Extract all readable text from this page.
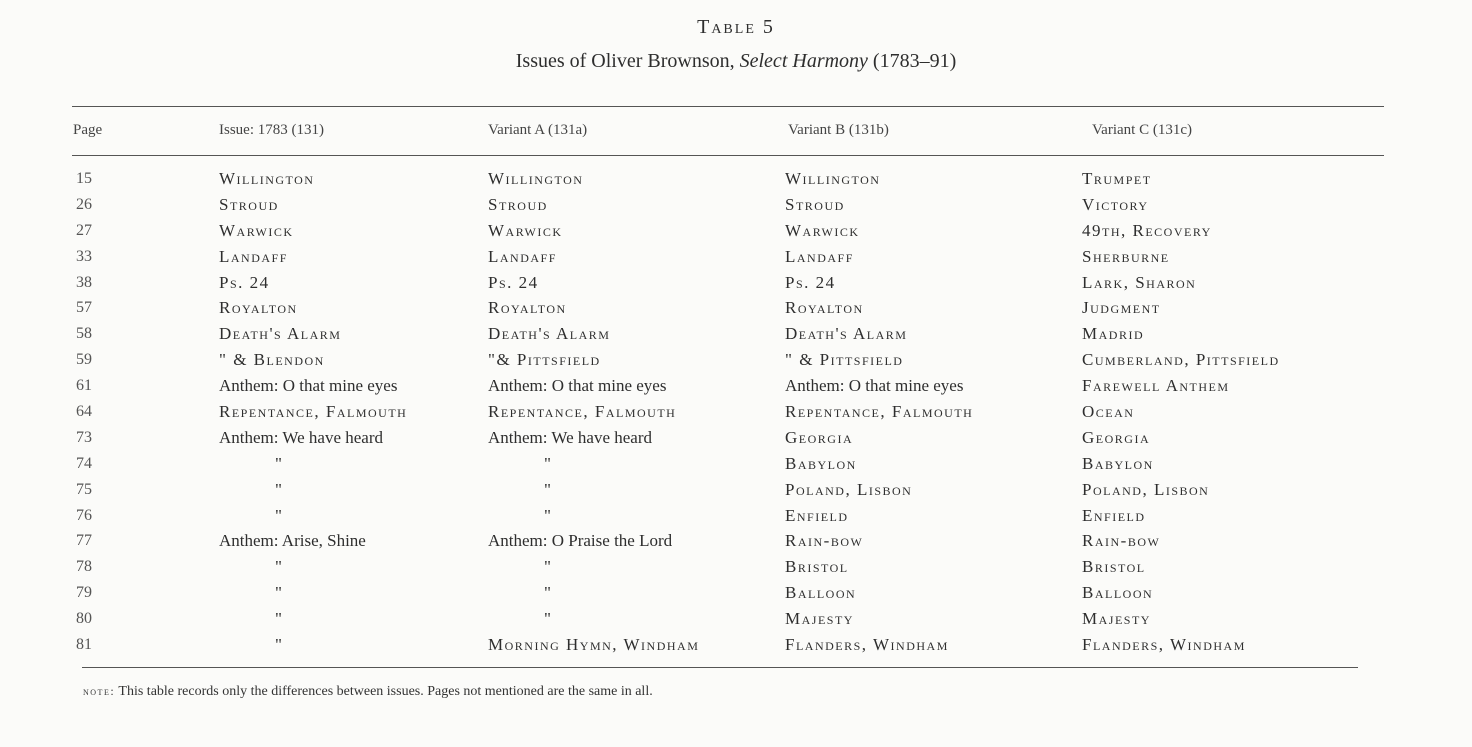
Table 5
Issues of Oliver Brownson, Select Harmony (1783–91)
Page	Issue: 1783 (131)	Variant A (131a)	Variant B (131b)	Variant C (131c)
15	Willington	Willington	Willington	Trumpet
26	Stroud	Stroud	Stroud	Victory
27	Warwick	Warwick	Warwick	49th, Recovery
33	Landaff	Landaff	Landaff	Sherburne
38	Ps. 24	Ps. 24	Ps. 24	Lark, Sharon
57	Royalton	Royalton	Royalton	Judgment
58	Death's Alarm	Death's Alarm	Death's Alarm	Madrid
59	" & Blendon	"& Pittsfield	" & Pittsfield	Cumberland, Pittsfield
61	Anthem: O that mine eyes	Anthem: O that mine eyes	Anthem: O that mine eyes	Farewell Anthem
64	Repentance, Falmouth	Repentance, Falmouth	Repentance, Falmouth	Ocean
73	Anthem: We have heard	Anthem: We have heard	Georgia	Georgia
74	"	"	Babylon	Babylon
75	"	"	Poland, Lisbon	Poland, Lisbon
76	"	"	Enfield	Enfield
77	Anthem: Arise, Shine	Anthem: O Praise the Lord	Rain-bow	Rain-bow
78	"	"	Bristol	Bristol
79	"	"	Balloon	Balloon
80	"	"	Majesty	Majesty
81	"	Morning Hymn, Windham	Flanders, Windham	Flanders, Windham
note: This table records only the differences between issues. Pages not mentioned are the same in all.
